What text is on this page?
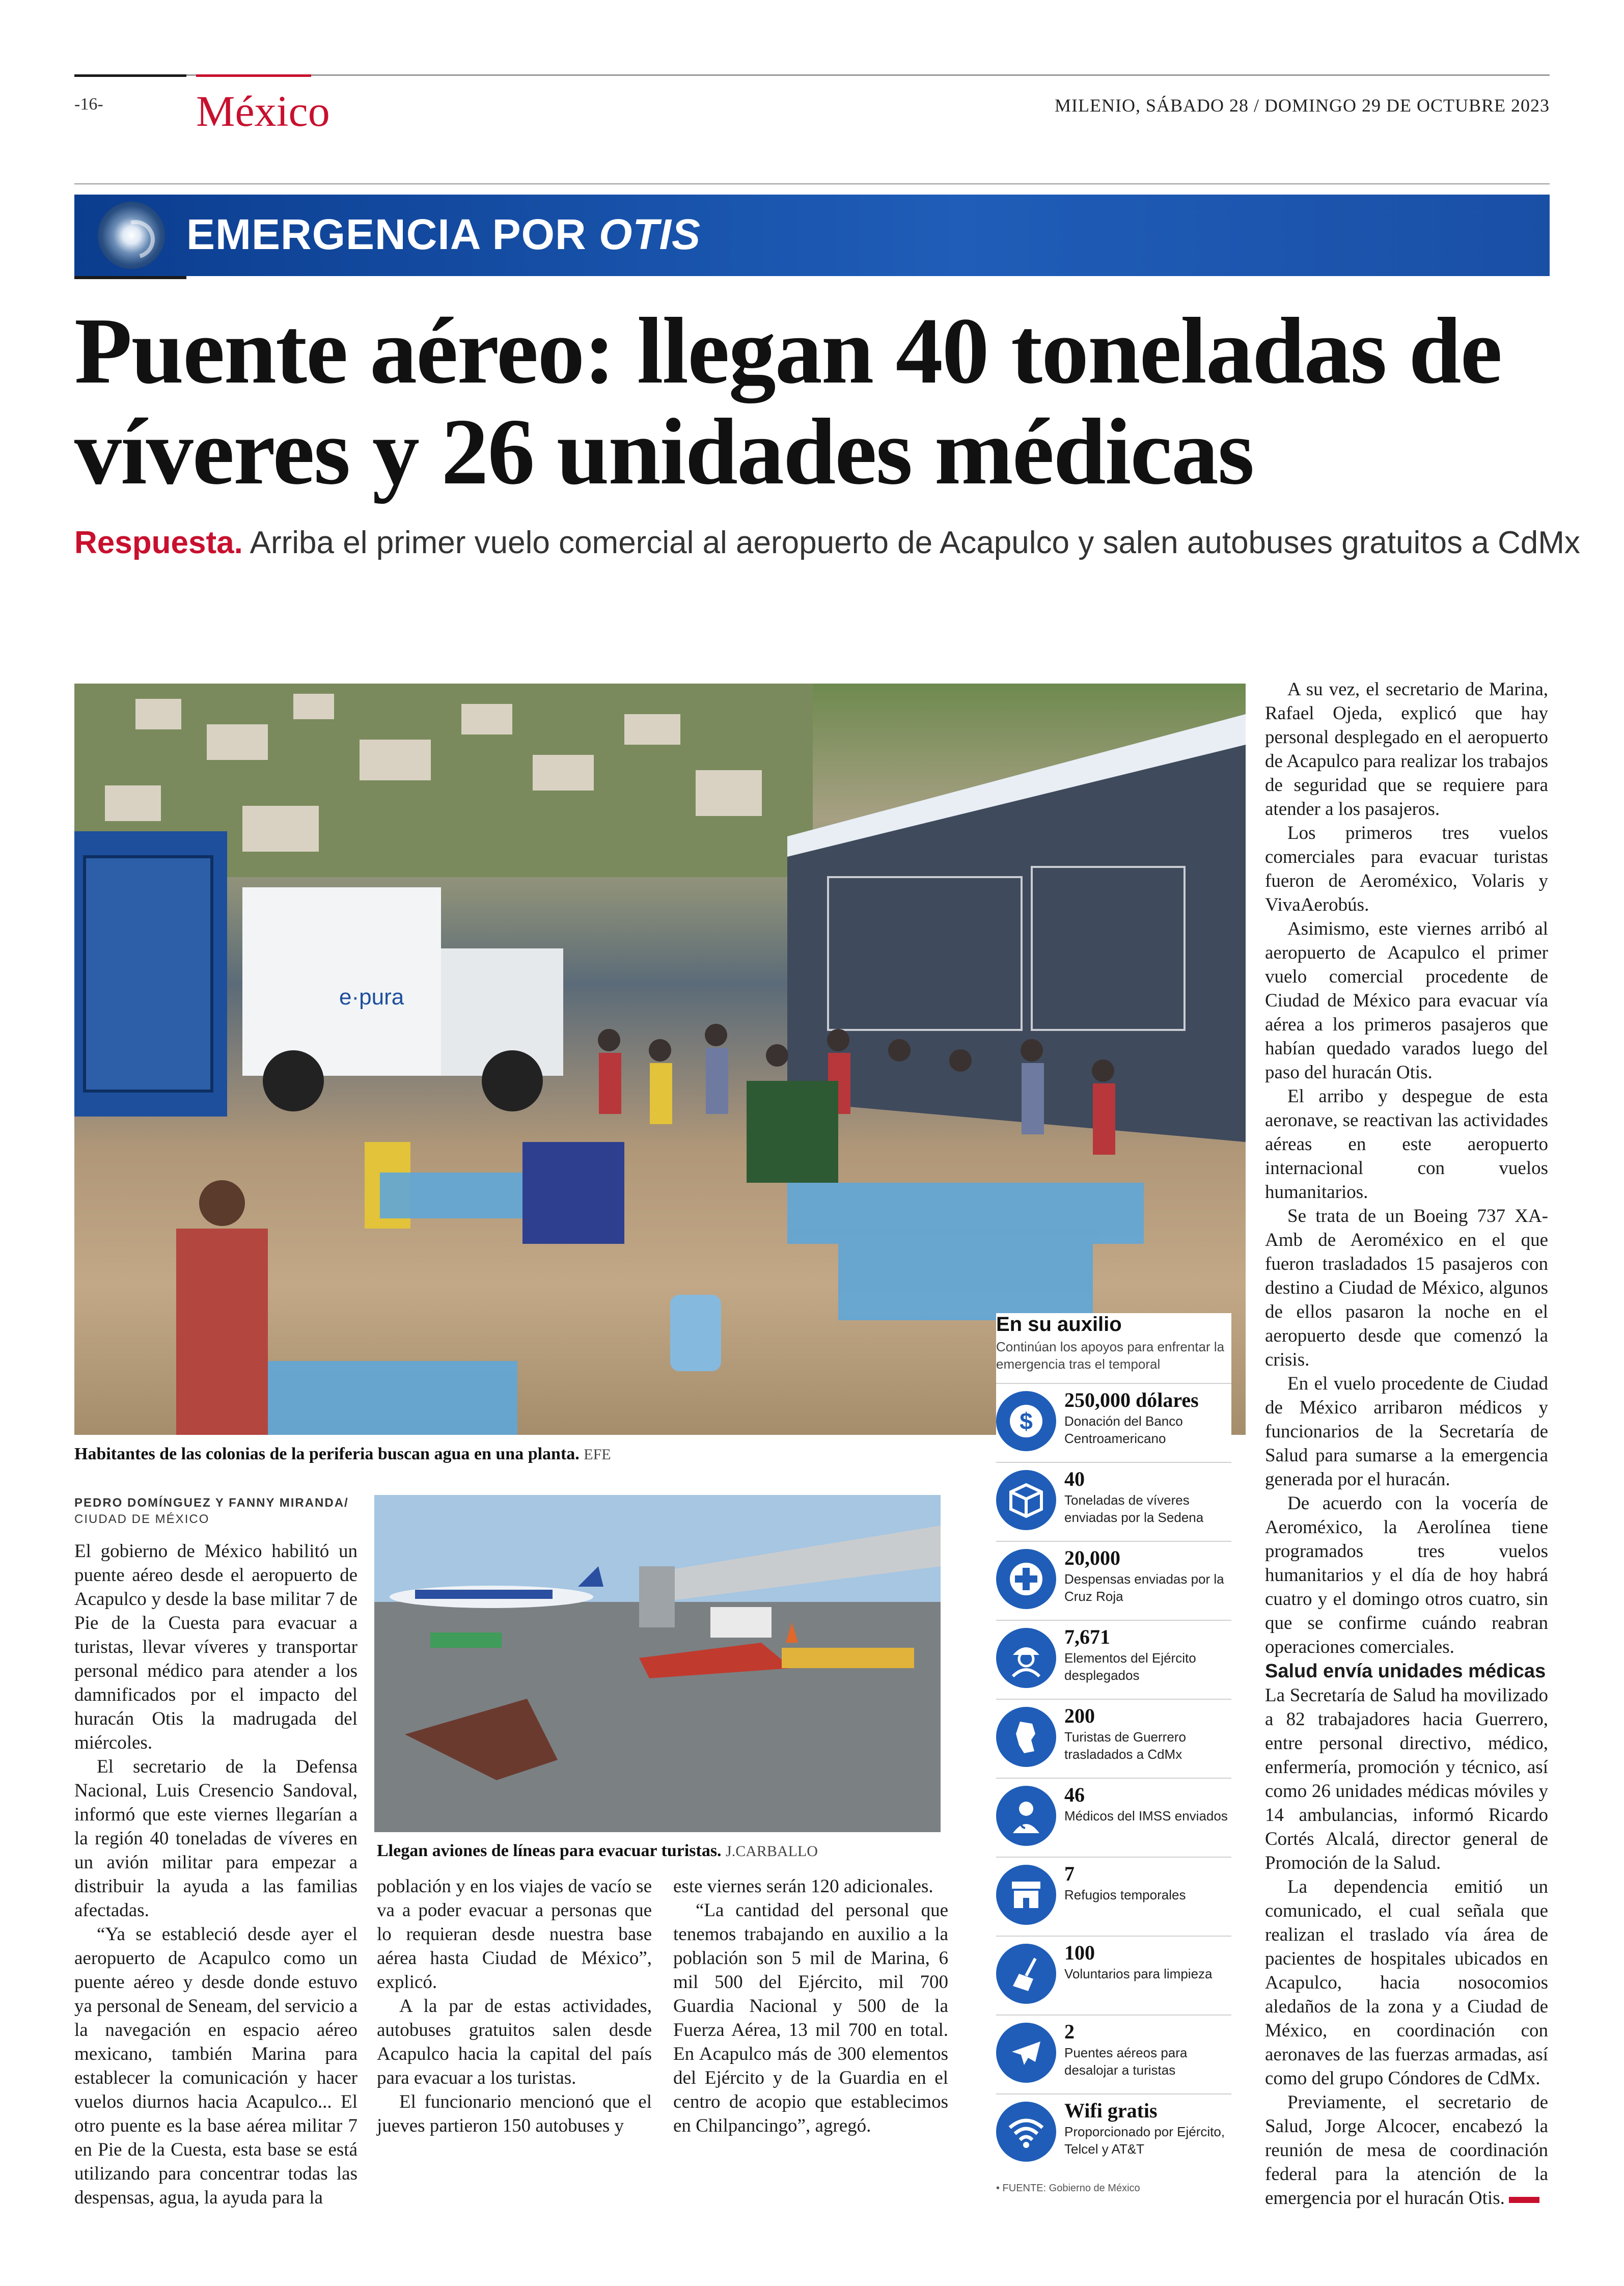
-16- México	MILENIO, SÁBADO 28 / DOMINGO 29 DE OCTUBRE 2023
EMERGENCIA POR OTIS
Puente aéreo: llegan 40 toneladas de víveres y 26 unidades médicas
Respuesta. Arriba el primer vuelo comercial al aeropuerto de Acapulco y salen autobuses gratuitos a CdMx
e·pura
Habitantes de las colonias de la periferia buscan agua en una planta. EFE
En su auxilio
Continúan los apoyos para enfrentar la emergencia tras el temporal
$
250,000 dólares
Donación del Banco Centroamericano
40
Toneladas de víveres enviadas por la Sedena
20,000
Despensas enviadas por la Cruz Roja
7,671
Elementos del Ejército desplegados
200
Turistas de Guerrero trasladados a CdMx
46
Médicos del IMSS enviados
7
Refugios temporales
100
Voluntarios para limpieza
2
Puentes aéreos para desalojar a turistas
Wifi gratis
Proporcionado por Ejército, Telcel y AT&T
• FUENTE: Gobierno de México

A su vez, el secretario de Marina, Rafael Ojeda, explicó que hay personal desplegado en el aeropuerto de Acapulco para realizar los trabajos de seguridad que se requiere para atender a los pasajeros.

Los primeros tres vuelos comerciales para evacuar turistas fueron de Aeroméxico, Volaris y VivaAerobús.

Asimismo, este viernes arribó al aeropuerto de Acapulco el primer vuelo comercial procedente de Ciudad de México para evacuar vía aérea a los primeros pasajeros que habían quedado varados luego del paso del huracán Otis.

El arribo y despegue de esta aeronave, se reactivan las actividades aéreas en este aeropuerto internacional con vuelos humanitarios.

Se trata de un Boeing 737 XA-Amb de Aeroméxico en el que fueron trasladados 15 pasajeros con destino a Ciudad de México, algunos de ellos pasaron la noche en el aeropuerto desde que comenzó la crisis.

En el vuelo procedente de Ciudad de México arribaron médicos y funcionarios de la Secretaría de Salud para sumarse a la emergencia generada por el huracán.

De acuerdo con la vocería de Aeroméxico, la Aerolínea tiene programados tres vuelos humanitarios y el día de hoy habrá cuatro y el domingo otros cuatro, sin que se confirme cuándo reabran operaciones comerciales.

Salud envía unidades médicas

La Secretaría de Salud ha movilizado a 82 trabajadores hacia Guerrero, entre personal directivo, médico, enfermería, promoción y técnico, así como 26 unidades médicas móviles y 14 ambulancias, informó Ricardo Cortés Alcalá, director general de Promoción de la Salud.

La dependencia emitió un comunicado, el cual señala que realizan el traslado vía área de pacientes de hospitales ubicados en Acapulco, hacia nosocomios aledaños de la zona y a Ciudad de México, en coordinación con aeronaves de las fuerzas armadas, así como del grupo Cóndores de CdMx.

Previamente, el secretario de Salud, Jorge Alcocer, encabezó la reunión de mesa de coordinación federal para la atención de la emergencia por el huracán Otis.

PEDRO DOMÍNGUEZ Y FANNY MIRANDA/ CIUDAD DE MÉXICO

El gobierno de México habilitó un puente aéreo desde el aeropuerto de Acapulco y desde la base militar 7 de Pie de la Cuesta para evacuar a turistas, llevar víveres y transportar personal médico para atender a los damnificados por el impacto del huracán Otis la madrugada del miércoles.

El secretario de la Defensa Nacional, Luis Cresencio Sandoval, informó que este viernes llegarían a la región 40 toneladas de víveres en un avión militar para empezar a distribuir la ayuda a las familias afectadas.

“Ya se estableció desde ayer el aeropuerto de Acapulco como un puente aéreo y desde donde estuvo ya personal de Seneam, del servicio a la navegación en espacio aéreo mexicano, también Marina para establecer la comunicación y hacer vuelos diurnos hacia Acapulco... El otro puente es la base aérea militar 7 en Pie de la Cuesta, esta base se está utilizando para concentrar todas las despensas, agua, la ayuda para la

Llegan aviones de líneas para evacuar turistas. J.CARBALLO

población y en los viajes de vacío se va a poder evacuar a personas que lo requieran desde nuestra base aérea hasta Ciudad de México”, explicó.

A la par de estas actividades, autobuses gratuitos salen desde Acapulco hacia la capital del país para evacuar a los turistas.

El funcionario mencionó que el jueves partieron 150 autobuses y

este viernes serán 120 adicionales.

“La cantidad del personal que tenemos trabajando en auxilio a la población son 5 mil de Marina, 6 mil 500 del Ejército, mil 700 Guardia Nacional y 500 de la Fuerza Aérea, 13 mil 700 en total. En Acapulco más de 300 elementos del Ejército y de la Guardia en el centro de acopio que establecimos en Chilpancingo”, agregó.
